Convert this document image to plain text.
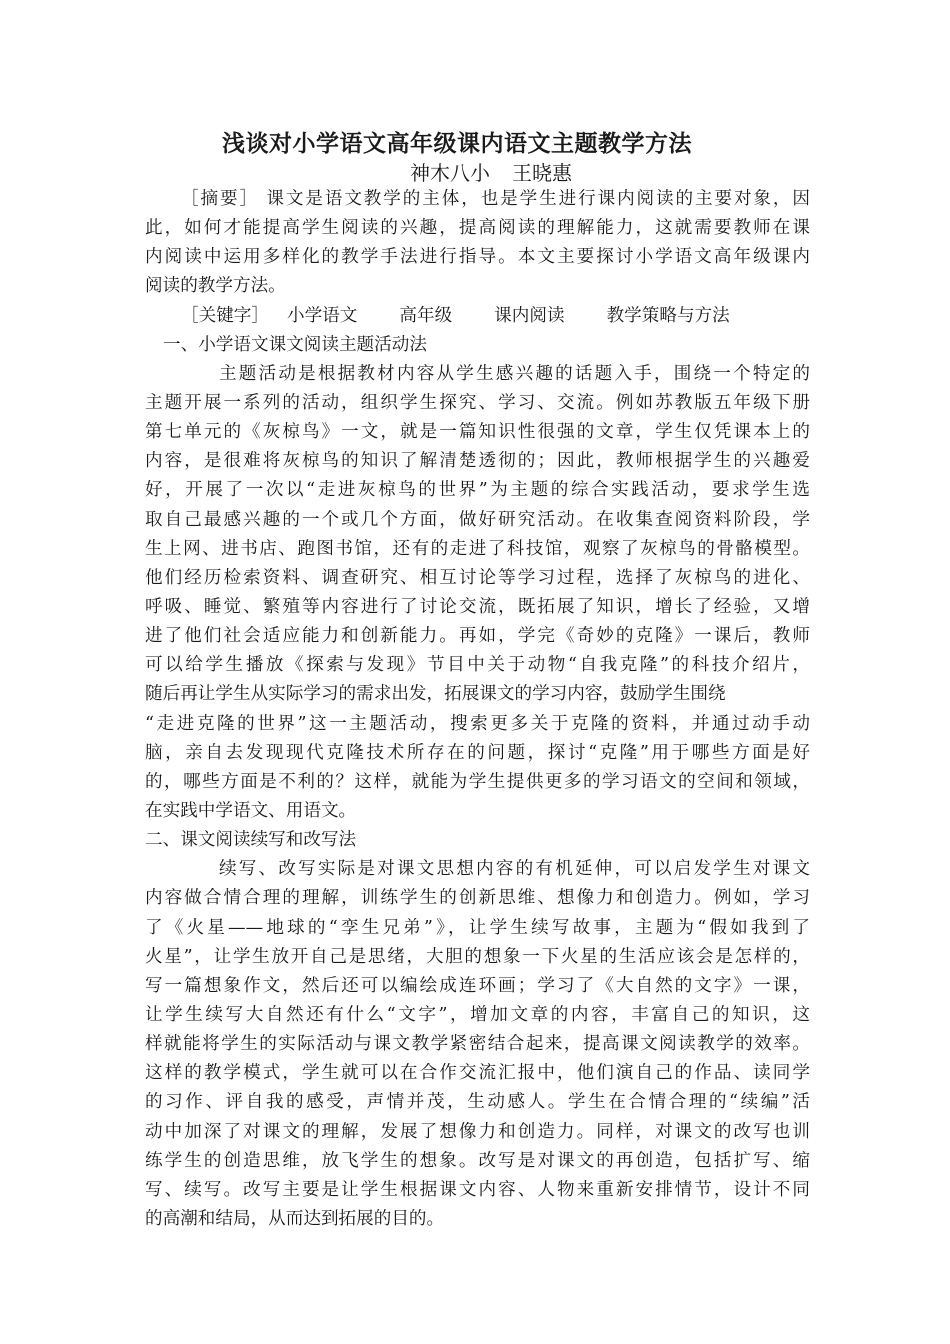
浅谈对小学语文高年级课内语文主题教学方法
神木八小 王晓惠
［摘要］ 课文是语文教学的主体，也是学生进行课内阅读的主要对象，因
此，如何才能提高学生阅读的兴趣，提高阅读的理解能力，这就需要教师在课
内阅读中运用多样化的教学手法进行指导。本文主要探讨小学语文高年级课内
阅读的教学方法。
［关键字］ 小学语文 高年级 课内阅读 教学策略与方法
一、小学语文课文阅读主题活动法
主题活动是根据教材内容从学生感兴趣的话题入手，围绕一个特定的
主题开展一系列的活动，组织学生探究、学习、交流。例如苏教版五年级下册
第七单元的《灰椋鸟》一文，就是一篇知识性很强的文章，学生仅凭课本上的
内容，是很难将灰椋鸟的知识了解清楚透彻的；因此，教师根据学生的兴趣爱
好，开展了一次以“走进灰椋鸟的世界”为主题的综合实践活动，要求学生选
取自己最感兴趣的一个或几个方面，做好研究活动。在收集查阅资料阶段，学
生上网、进书店、跑图书馆，还有的走进了科技馆，观察了灰椋鸟的骨骼模型。
他们经历检索资料、调查研究、相互讨论等学习过程，选择了灰椋鸟的进化、
呼吸、睡觉、繁殖等内容进行了讨论交流，既拓展了知识，增长了经验，又增
进了他们社会适应能力和创新能力。再如，学完《奇妙的克隆》一课后，教师
可以给学生播放《探索与发现》节目中关于动物“自我克隆”的科技介绍片，
随后再让学生从实际学习的需求出发，拓展课文的学习内容，鼓励学生围绕
“走进克隆的世界”这一主题活动，搜索更多关于克隆的资料，并通过动手动
脑，亲自去发现现代克隆技术所存在的问题，探讨“克隆”用于哪些方面是好
的，哪些方面是不利的？这样，就能为学生提供更多的学习语文的空间和领域，
在实践中学语文、用语文。
二、课文阅读续写和改写法
续写、改写实际是对课文思想内容的有机延伸，可以启发学生对课文
内容做合情合理的理解，训练学生的创新思维、想像力和创造力。例如，学习
了《火星——地球的“孪生兄弟”》，让学生续写故事，主题为“假如我到了
火星”，让学生放开自己是思绪，大胆的想象一下火星的生活应该会是怎样的，
写一篇想象作文，然后还可以编绘成连环画；学习了《大自然的文字》一课，
让学生续写大自然还有什么“文字”，增加文章的内容，丰富自己的知识，这
样就能将学生的实际活动与课文教学紧密结合起来，提高课文阅读教学的效率。
这样的教学模式，学生就可以在合作交流汇报中，他们演自己的作品、读同学
的习作、评自我的感受，声情并茂，生动感人。学生在合情合理的“续编”活
动中加深了对课文的理解，发展了想像力和创造力。同样，对课文的改写也训
练学生的创造思维，放飞学生的想象。改写是对课文的再创造，包括扩写、缩
写、续写。改写主要是让学生根据课文内容、人物来重新安排情节，设计不同
的高潮和结局，从而达到拓展的目的。
